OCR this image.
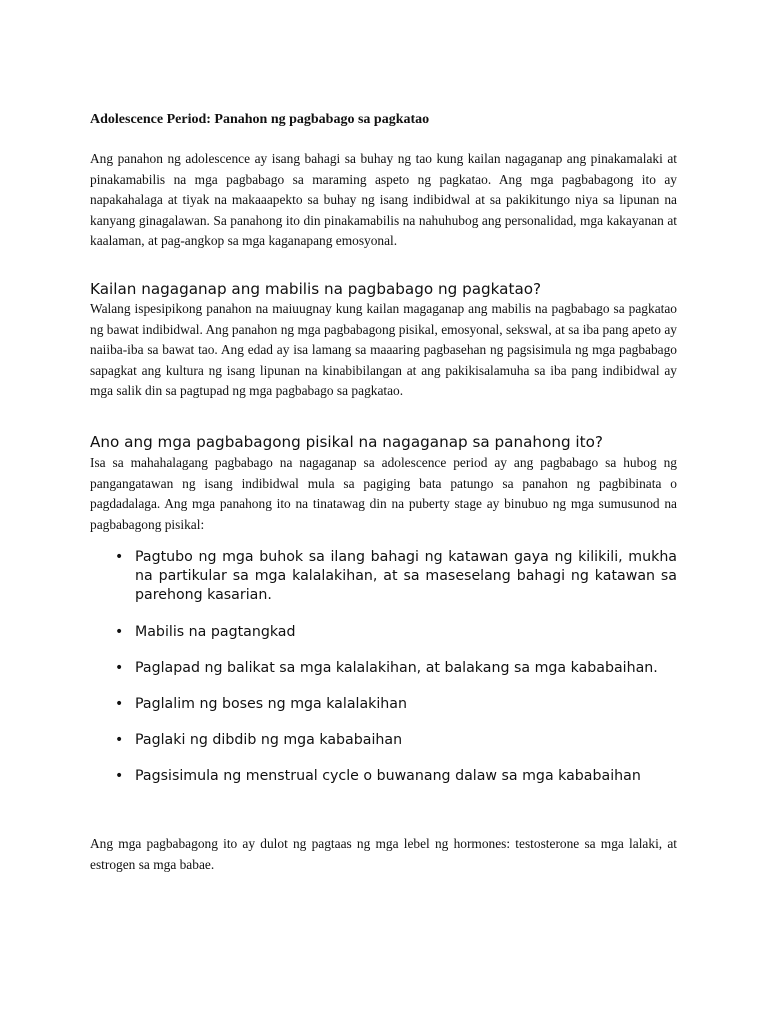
Adolescence Period: Panahon ng pagbabago sa pagkatao

Ang panahon ng adolescence ay isang bahagi sa buhay ng tao kung kailan nagaganap ang pinakamalaki at pinakamabilis na mga pagbabago sa maraming aspeto ng pagkatao. Ang mga pagbabagong ito ay napakahalaga at tiyak na makaaapekto sa buhay ng isang indibidwal at sa pakikitungo niya sa lipunan na kanyang ginagalawan. Sa panahong ito din pinakamabilis na nahuhubog ang personalidad, mga kakayanan at kaalaman, at pag-angkop sa mga kaganapang emosyonal.

Kailan nagaganap ang mabilis na pagbabago ng pagkatao?

Walang ispesipikong panahon na maiuugnay kung kailan magaganap ang mabilis na pagbabago sa pagkatao ng bawat indibidwal. Ang panahon ng mga pagbabagong pisikal, emosyonal, sekswal, at sa iba pang apeto ay naiiba-iba sa bawat tao. Ang edad ay isa lamang sa maaaring pagbasehan ng pagsisimula ng mga pagbabago sapagkat ang kultura ng isang lipunan na kinabibilangan at ang pakikisalamuha sa iba pang indibidwal ay mga salik din sa pagtupad ng mga pagbabago sa pagkatao.

Ano ang mga pagbabagong pisikal na nagaganap sa panahong ito?

Isa sa mahahalagang pagbabago na nagaganap sa adolescence period ay ang pagbabago sa hubog ng pangangatawan ng isang indibidwal mula sa pagiging bata patungo sa panahon ng pagbibinata o pagdadalaga. Ang mga panahong ito na tinatawag din na puberty stage ay binubuo ng mga sumusunod na pagbabagong pisikal:

• Pagtubo ng mga buhok sa ilang bahagi ng katawan gaya ng kilikili, mukha na partikular sa mga kalalakihan, at sa maseselang bahagi ng katawan sa parehong kasarian.
• Mabilis na pagtangkad
• Paglapad ng balikat sa mga kalalakihan, at balakang sa mga kababaihan.
• Paglalim ng boses ng mga kalalakihan
• Paglaki ng dibdib ng mga kababaihan
• Pagsisimula ng menstrual cycle o buwanang dalaw sa mga kababaihan

Ang mga pagbabagong ito ay dulot ng pagtaas ng mga lebel ng hormones: testosterone sa mga lalaki, at estrogen sa mga babae.
